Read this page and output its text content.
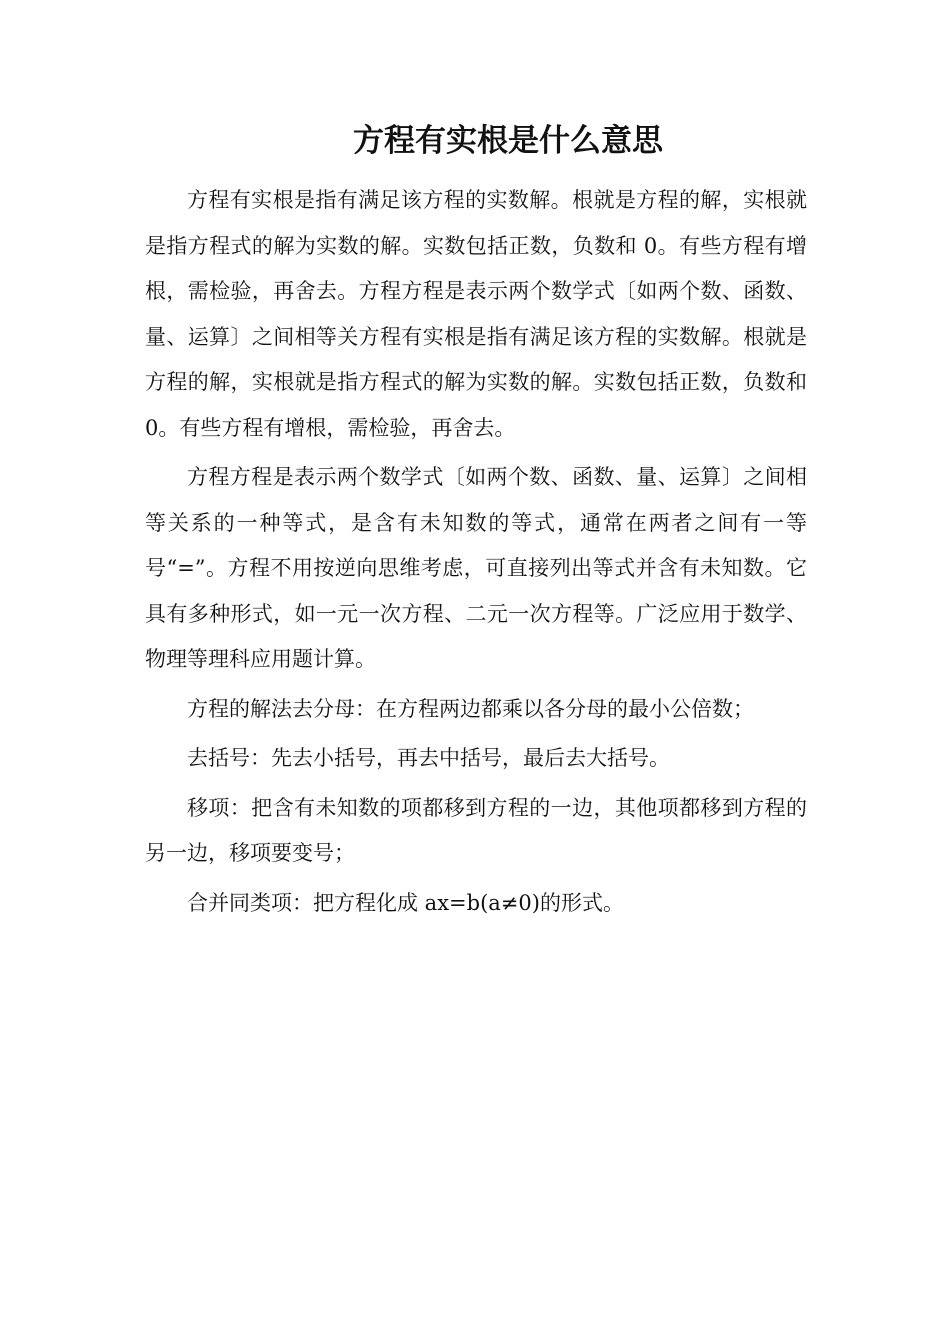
方程有实根是什么意思

方程有实根是指有满足该方程的实数解。根就是方程的解，实根就是指方程式的解为实数的解。实数包括正数，负数和 0。有些方程有增根，需检验，再舍去。方程方程是表示两个数学式〔如两个数、函数、量、运算〕之间相等关方程有实根是指有满足该方程的实数解。根就是方程的解，实根就是指方程式的解为实数的解。实数包括正数，负数和 0。有些方程有增根，需检验，再舍去。

方程方程是表示两个数学式〔如两个数、函数、量、运算〕之间相等关系的一种等式，是含有未知数的等式，通常在两者之间有一等号“=”。方程不用按逆向思维考虑，可直接列出等式并含有未知数。它具有多种形式，如一元一次方程、二元一次方程等。广泛应用于数学、物理等理科应用题计算。

方程的解法去分母：在方程两边都乘以各分母的最小公倍数；

去括号：先去小括号，再去中括号，最后去大括号。

移项：把含有未知数的项都移到方程的一边，其他项都移到方程的另一边，移项要变号；

合并同类项：把方程化成 ax=b(a≠0)的形式。
